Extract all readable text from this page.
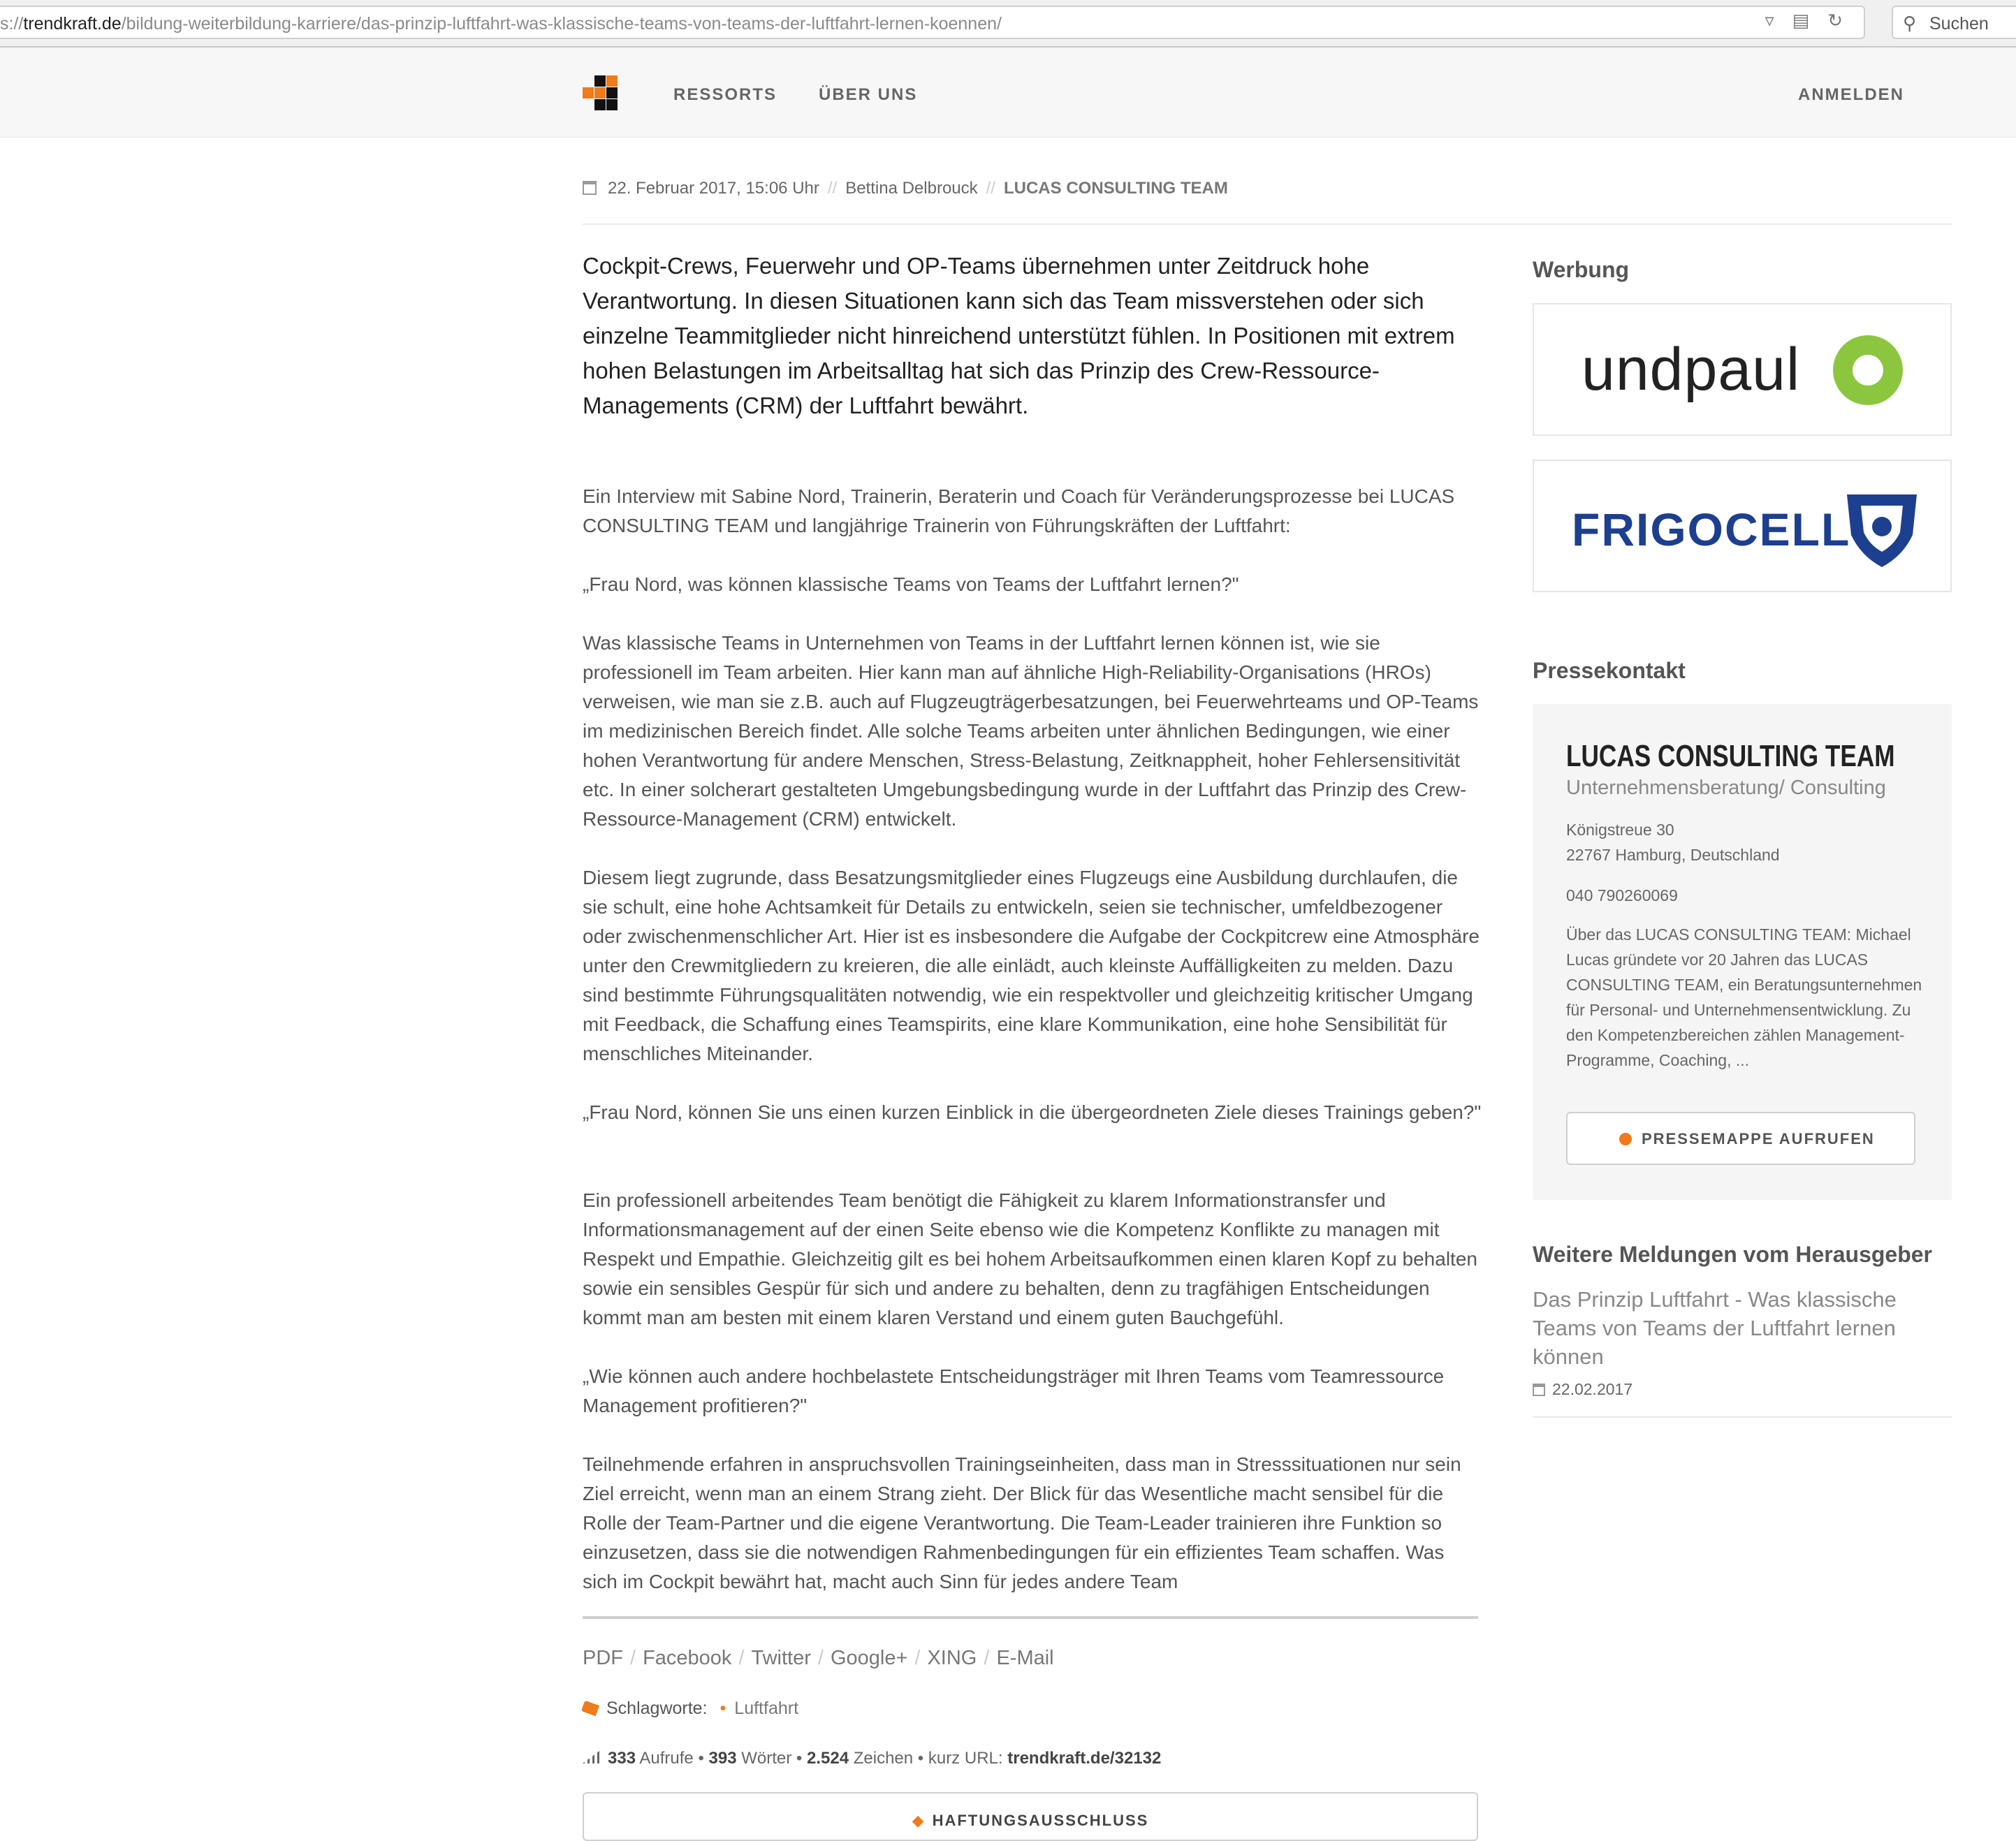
s://trendkraft.de/bildung-weiterbildung-karriere/das-prinzip-luftfahrt-was-klassische-teams-von-teams-der-luftfahrt-lernen-koennen/	▿ ▤ ↻	⚲ Suchen
RESSORTS ÜBER UNS	ANMELDEN
22. Februar 2017, 15:06 Uhr // Bettina Delbrouck // LUCAS CONSULTING TEAM
Cockpit-Crews, Feuerwehr und OP-Teams übernehmen unter Zeitdruck hohe Verantwortung. In diesen Situationen kann sich das Team missverstehen oder sich einzelne Teammitglieder nicht hinreichend unterstützt fühlen. In Positionen mit extrem hohen Belastungen im Arbeitsalltag hat sich das Prinzip des Crew-Ressource-Managements (CRM) der Luftfahrt bewährt.

Ein Interview mit Sabine Nord, Trainerin, Beraterin und Coach für Veränderungsprozesse bei LUCAS CONSULTING TEAM und langjährige Trainerin von Führungskräften der Luftfahrt:

„Frau Nord, was können klassische Teams von Teams der Luftfahrt lernen?"

Was klassische Teams in Unternehmen von Teams in der Luftfahrt lernen können ist, wie sie professionell im Team arbeiten. Hier kann man auf ähnliche High-Reliability-Organisations (HROs) verweisen, wie man sie z.B. auch auf Flugzeugträgerbesatzungen, bei Feuerwehrteams und OP-Teams im medizinischen Bereich findet. Alle solche Teams arbeiten unter ähnlichen Bedingungen, wie einer hohen Verantwortung für andere Menschen, Stress-Belastung, Zeitknappheit, hoher Fehlersensitivität etc. In einer solcherart gestalteten Umgebungsbedingung wurde in der Luftfahrt das Prinzip des Crew-Ressource-Management (CRM) entwickelt.

Diesem liegt zugrunde, dass Besatzungsmitglieder eines Flugzeugs eine Ausbildung durchlaufen, die sie schult, eine hohe Achtsamkeit für Details zu entwickeln, seien sie technischer, umfeldbezogener oder zwischenmenschlicher Art. Hier ist es insbesondere die Aufgabe der Cockpitcrew eine Atmosphäre unter den Crewmitgliedern zu kreieren, die alle einlädt, auch kleinste Auffälligkeiten zu melden. Dazu sind bestimmte Führungsqualitäten notwendig, wie ein respektvoller und gleichzeitig kritischer Umgang mit Feedback, die Schaffung eines Teamspirits, eine klare Kommunikation, eine hohe Sensibilität für menschliches Miteinander.

„Frau Nord, können Sie uns einen kurzen Einblick in die übergeordneten Ziele dieses Trainings geben?"

Ein professionell arbeitendes Team benötigt die Fähigkeit zu klarem Informationstransfer und Informationsmanagement auf der einen Seite ebenso wie die Kompetenz Konflikte zu managen mit Respekt und Empathie. Gleichzeitig gilt es bei hohem Arbeitsaufkommen einen klaren Kopf zu behalten sowie ein sensibles Gespür für sich und andere zu behalten, denn zu tragfähigen Entscheidungen kommt man am besten mit einem klaren Verstand und einem guten Bauchgefühl.

„Wie können auch andere hochbelastete Entscheidungsträger mit Ihren Teams vom Teamressource Management profitieren?"

Teilnehmende erfahren in anspruchsvollen Trainingseinheiten, dass man in Stresssituationen nur sein Ziel erreicht, wenn man an einem Strang zieht. Der Blick für das Wesentliche macht sensibel für die Rolle der Team-Partner und die eigene Verantwortung. Die Team-Leader trainieren ihre Funktion so einzusetzen, dass sie die notwendigen Rahmenbedingungen für ein effizientes Team schaffen. Was sich im Cockpit bewährt hat, macht auch Sinn für jedes andere Team

PDF / Facebook / Twitter / Google+ / XING / E-Mail
Schlagworte: • Luftfahrt
333 Aufrufe • 393 Wörter • 2.524 Zeichen • kurz URL: trendkraft.de/32132
◆ HAFTUNGSAUSSCHLUSS
Werbung
undpaul
FRIGOCELL
Pressekontakt
LUCAS CONSULTING TEAM
Unternehmensberatung/ Consulting
Königstreue 30
22767 Hamburg, Deutschland
040 790260069
Über das LUCAS CONSULTING TEAM: Michael Lucas gründete vor 20 Jahren das LUCAS CONSULTING TEAM, ein Beratungsunternehmen für Personal- und Unternehmensentwicklung. Zu den Kompetenzbereichen zählen Management-Programme, Coaching, ...
PRESSEMAPPE AUFRUFEN
Weitere Meldungen vom Herausgeber
Das Prinzip Luftfahrt - Was klassische Teams von Teams der Luftfahrt lernen können
22.02.2017
